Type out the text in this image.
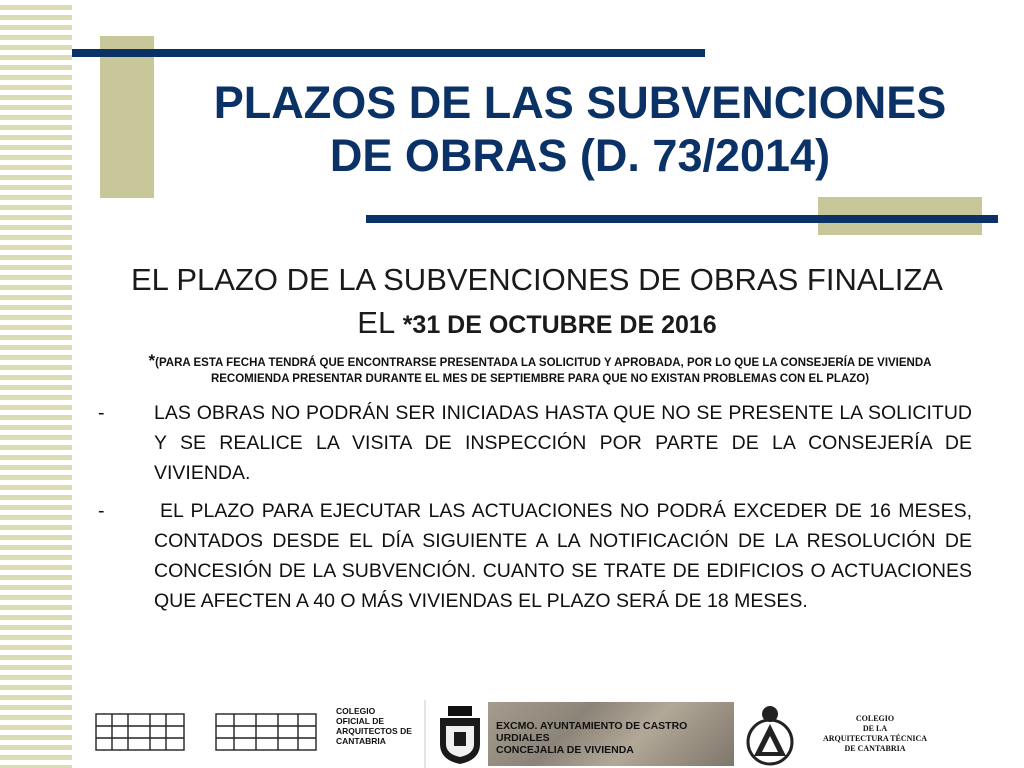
PLAZOS DE LAS SUBVENCIONES
DE OBRAS (D. 73/2014)
EL PLAZO DE LA SUBVENCIONES DE OBRAS FINALIZA
EL *31 DE OCTUBRE DE 2016
*(PARA ESTA FECHA TENDRÁ QUE ENCONTRARSE PRESENTADA LA SOLICITUD Y APROBADA, POR LO QUE LA CONSEJERÍA DE VIVIENDA
RECOMIENDA PRESENTAR DURANTE EL MES DE SEPTIEMBRE PARA QUE NO EXISTAN PROBLEMAS CON EL PLAZO)
-	LAS OBRAS NO PODRÁN SER INICIADAS HASTA QUE NO SE PRESENTE LA SOLICITUD Y SE REALICE LA VISITA DE INSPECCIÓN POR PARTE DE LA CONSEJERÍA DE VIVIENDA.
-	EL PLAZO PARA EJECUTAR LAS ACTUACIONES NO PODRÁ EXCEDER DE 16 MESES, CONTADOS DESDE EL DÍA SIGUIENTE A LA NOTIFICACIÓN DE LA RESOLUCIÓN DE CONCESIÓN DE LA SUBVENCIÓN. CUANTO SE TRATE DE EDIFICIOS O ACTUACIONES QUE AFECTEN A 40 O MÁS VIVIENDAS EL PLAZO SERÁ DE 18 MESES.
COLEGIO
OFICIAL DE
ARQUITECTOS DE
CANTABRIA
EXCMO. AYUNTAMIENTO DE CASTRO URDIALES
CONCEJALIA DE VIVIENDA
COLEGIO
DE LA
ARQUITECTURA TÉCNICA
DE CANTABRIA
